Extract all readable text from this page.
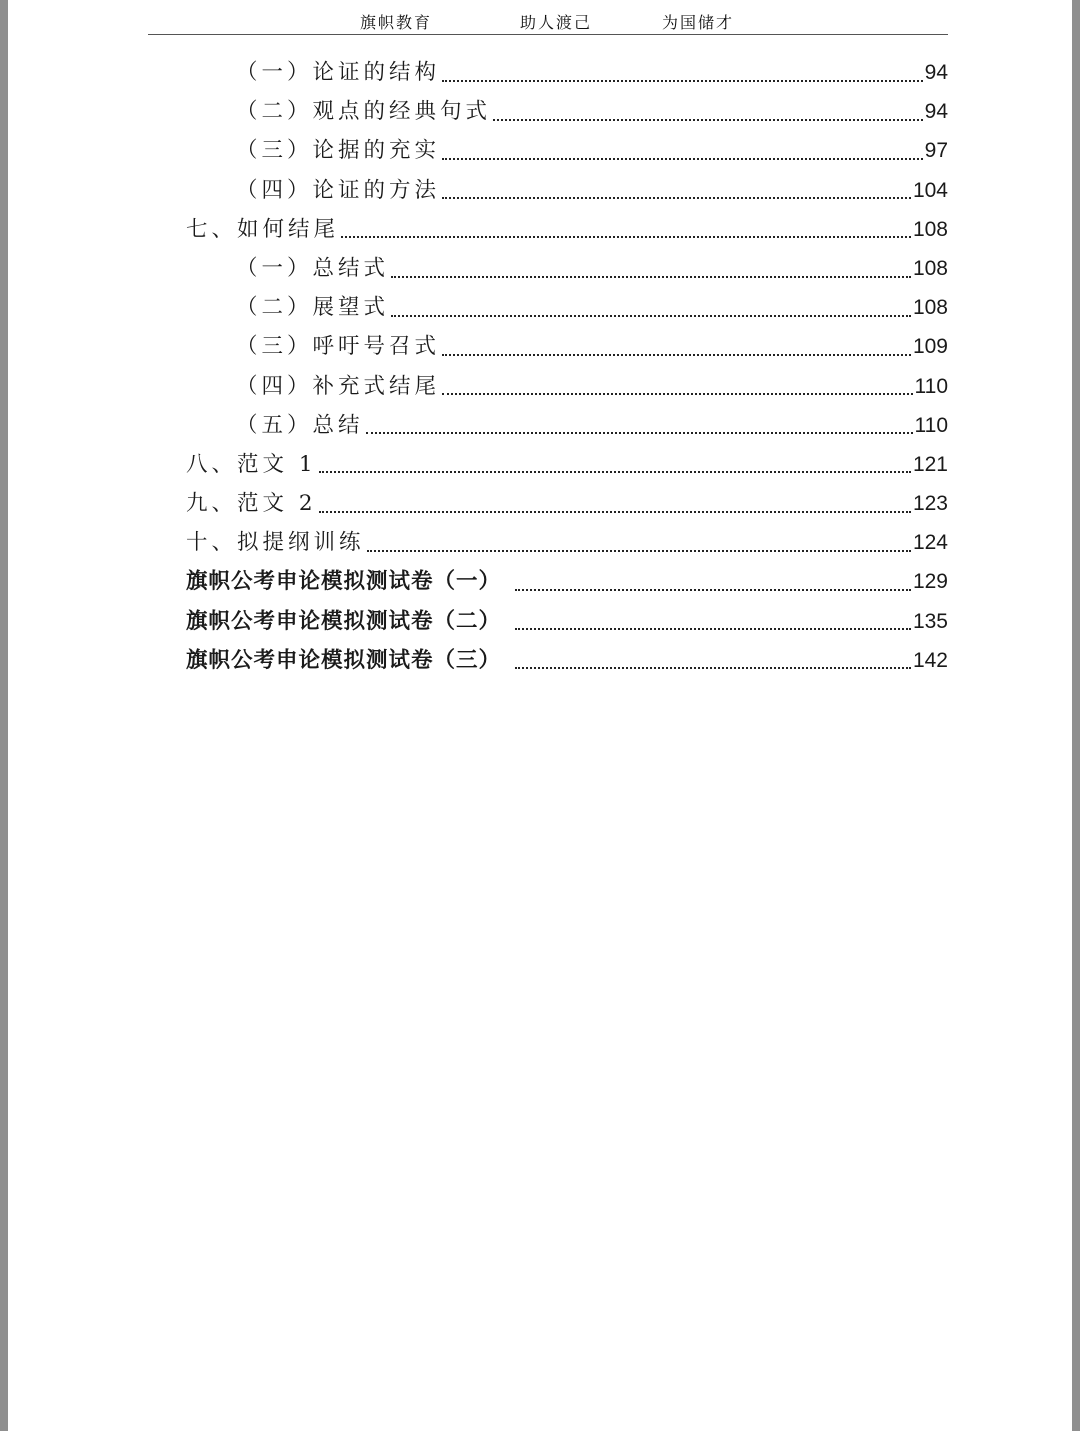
旗帜教育	助人渡己	为国储才
（一）论证的结构	94
（二）观点的经典句式	94
（三）论据的充实	97
（四）论证的方法	104
七、如何结尾	108
（一）总结式	108
（二）展望式	108
（三）呼吁号召式	109
（四）补充式结尾	110
（五）总结	110
八、范文 1	121
九、范文 2	123
十、拟提纲训练	124
旗帜公考申论模拟测试卷（一）	129
旗帜公考申论模拟测试卷（二）	135
旗帜公考申论模拟测试卷（三）	142
